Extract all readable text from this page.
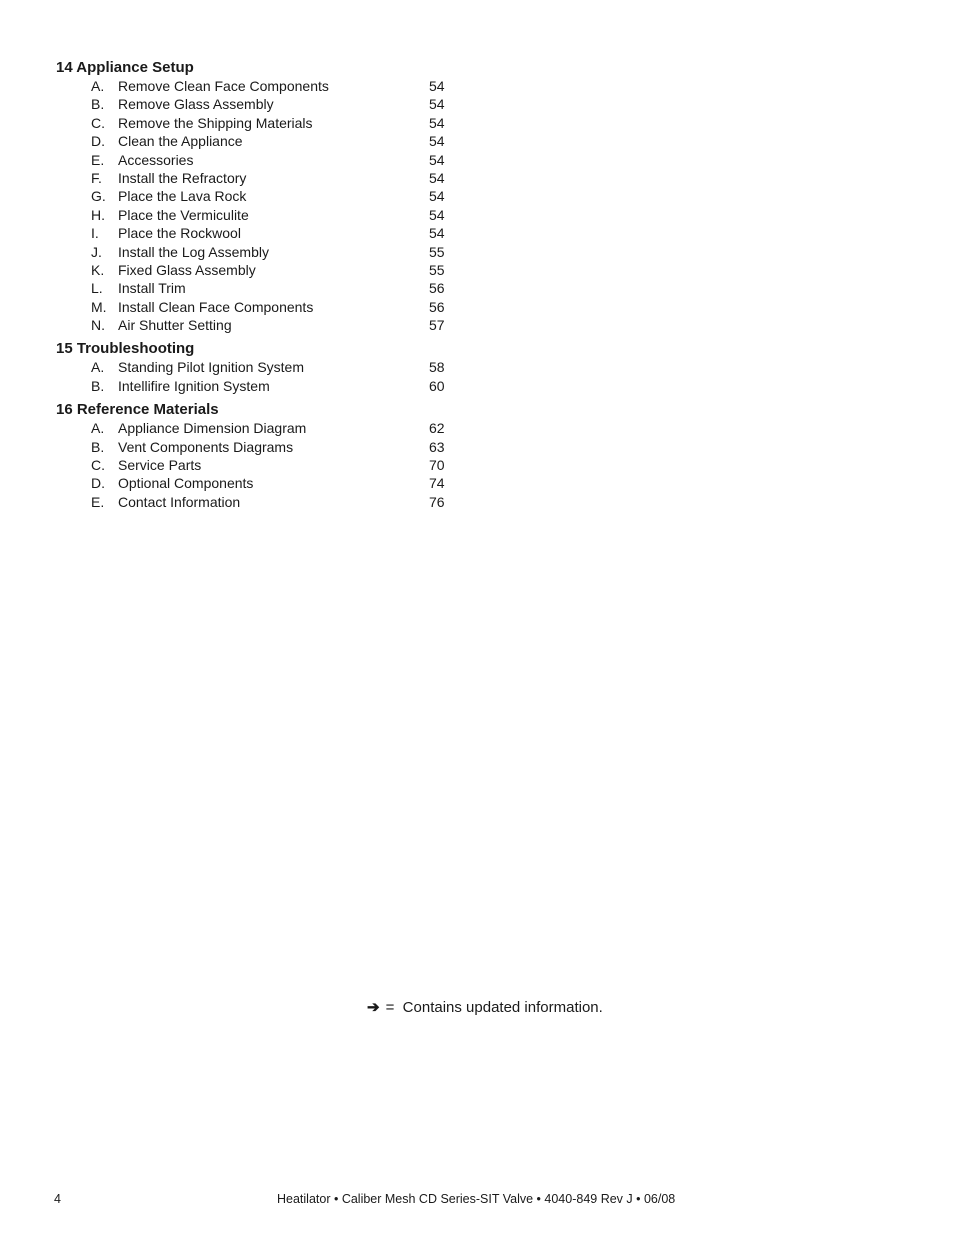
14 Appliance Setup
A. Remove Clean Face Components	54
B. Remove Glass Assembly	54
C. Remove the Shipping Materials	54
D. Clean the Appliance	54
E. Accessories	54
F. Install the Refractory	54
G. Place the Lava Rock	54
H. Place the Vermiculite	54
I. Place the Rockwool	54
J. Install the Log Assembly	55
K. Fixed Glass Assembly	55
L. Install Trim	56
M. Install Clean Face Components	56
N. Air Shutter Setting	57
15 Troubleshooting
A. Standing Pilot Ignition System	58
B. Intellifire Ignition System	60
16 Reference Materials
A. Appliance Dimension Diagram	62
B. Vent Components Diagrams	63
C. Service Parts	70
D. Optional Components	74
E. Contact Information	76
➔ =  Contains updated information.
4	Heatilator • Caliber Mesh CD Series-SIT Valve • 4040-849 Rev J • 06/08
